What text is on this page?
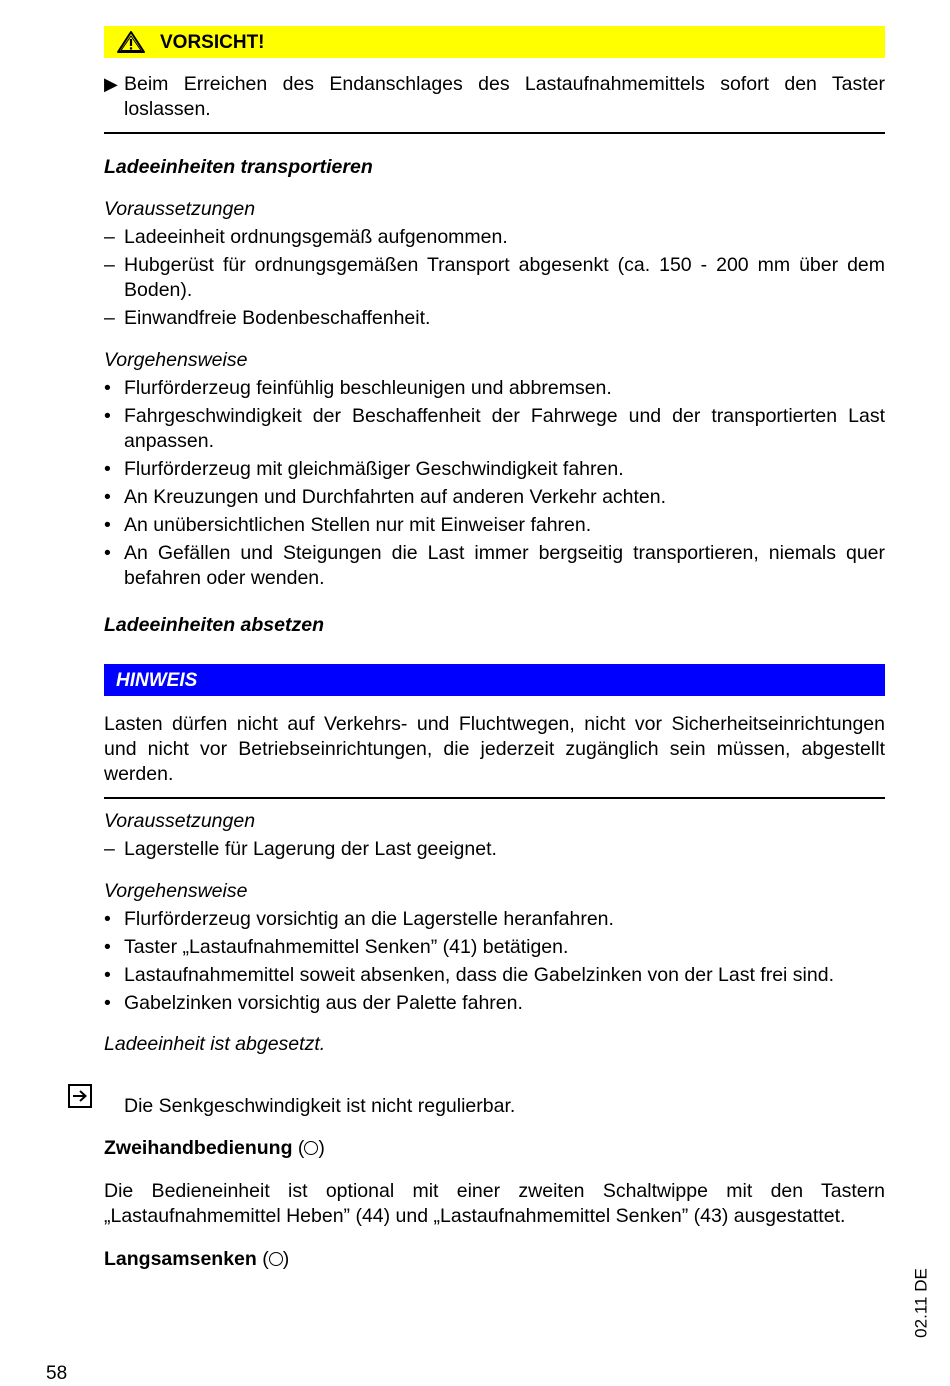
VORSICHT!
▶ Beim Erreichen des Endanschlages des Lastaufnahmemittels sofort den Taster loslassen.

Ladeeinheiten transportieren

Voraussetzungen

– Ladeeinheit ordnungsgemäß aufgenommen.
– Hubgerüst für ordnungsgemäßen Transport abgesenkt (ca. 150 - 200 mm über dem Boden).
– Einwandfreie Bodenbeschaffenheit.

Vorgehensweise

• Flurförderzeug feinfühlig beschleunigen und abbremsen.
• Fahrgeschwindigkeit der Beschaffenheit der Fahrwege und der transportierten Last anpassen.
• Flurförderzeug mit gleichmäßiger Geschwindigkeit fahren.
• An Kreuzungen und Durchfahrten auf anderen Verkehr achten.
• An unübersichtlichen Stellen nur mit Einweiser fahren.
• An Gefällen und Steigungen die Last immer bergseitig transportieren, niemals quer befahren oder wenden.

Ladeeinheiten absetzen

HINWEIS

Lasten dürfen nicht auf Verkehrs- und Fluchtwegen, nicht vor Sicherheitseinrichtungen und nicht vor Betriebseinrichtungen, die jederzeit zugänglich sein müssen, abgestellt werden.

Voraussetzungen

– Lagerstelle für Lagerung der Last geeignet.

Vorgehensweise

• Flurförderzeug vorsichtig an die Lagerstelle heranfahren.
• Taster „Lastaufnahmemittel Senken” (41) betätigen.
• Lastaufnahmemittel soweit absenken, dass die Gabelzinken von der Last frei sind.
• Gabelzinken vorsichtig aus der Palette fahren.

Ladeeinheit ist abgesetzt.

Die Senkgeschwindigkeit ist nicht regulierbar.

Zweihandbedienung ( )

Die Bedieneinheit ist optional mit einer zweiten Schaltwippe mit den Tastern „Lastaufnahmemittel Heben” (44) und „Lastaufnahmemittel Senken” (43) ausgestattet.

Langsamsenken ( )

58
02.11 DE
